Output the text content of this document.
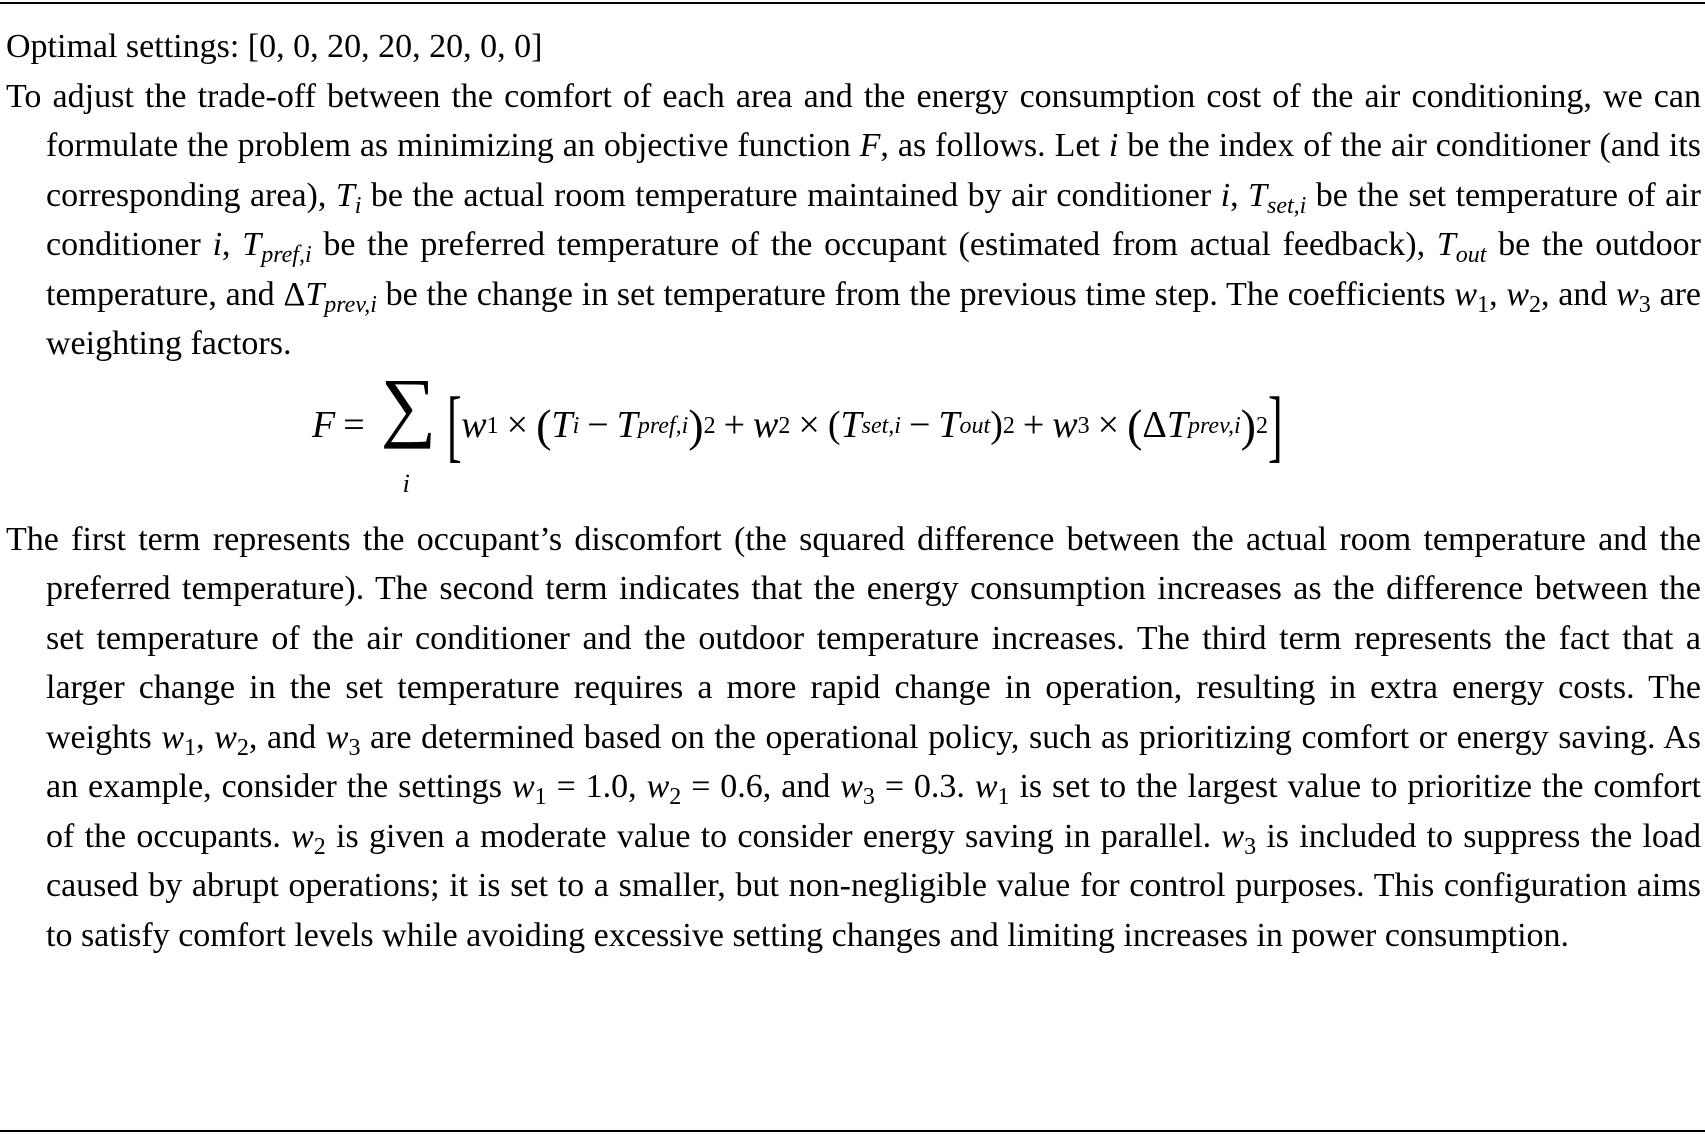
Optimal settings: [0, 0, 20, 20, 20, 0, 0]

To adjust the trade-off between the comfort of each area and the energy consumption cost of the air conditioning, we can formulate the problem as minimizing an objective function F, as follows. Let i be the index of the air conditioner (and its corresponding area), $T_i$ be the actual room temperature maintained by air conditioner i, $T_{set,i}$ be the set temperature of air conditioner i, $T_{pref,i}$ be the preferred temperature of the occupant (estimated from actual feedback), $T_{out}$ be the outdoor temperature, and $\Delta T_{prev,i}$ be the change in set temperature from the previous time step. The coefficients $w_1$, $w_2$, and $w_3$ are weighting factors.

F = ∑
i
[ w 1 × ( T i − T pref,i ) 2 + w 2 × ( T set,i − T out ) 2 + w 3 × ( Δ T prev,i ) 2 ]

The first term represents the occupant’s discomfort (the squared difference between the actual room temperature and the preferred temperature). The second term indicates that the energy consumption increases as the difference between the set temperature of the air conditioner and the outdoor temperature increases. The third term represents the fact that a larger change in the set temperature requires a more rapid change in operation, resulting in extra energy costs. The weights $w_1$, $w_2$, and $w_3$ are determined based on the operational policy, such as prioritizing comfort or energy saving. As an example, consider the settings $w_1 = 1.0$, $w_2 = 0.6$, and $w_3 = 0.3$. $w_1$ is set to the largest value to prioritize the comfort of the occupants. $w_2$ is given a moderate value to consider energy saving in parallel. $w_3$ is included to suppress the load caused by abrupt operations; it is set to a smaller, but non-negligible value for control purposes. This configuration aims to satisfy comfort levels while avoiding excessive setting changes and limiting increases in power consumption.
